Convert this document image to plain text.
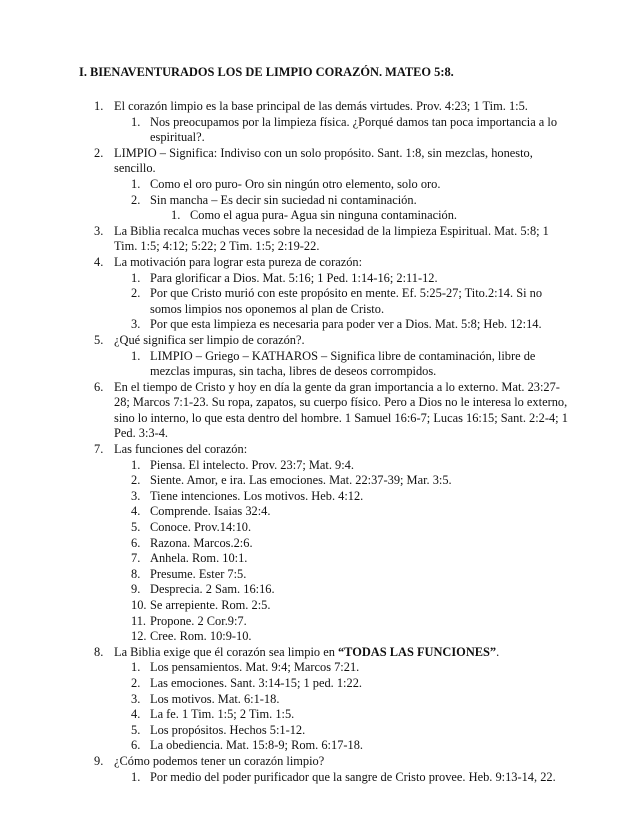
I. BIENAVENTURADOS LOS DE LIMPIO CORAZÓN. MATEO 5:8.
1. El corazón limpio es la base principal de las demás virtudes. Prov. 4:23; 1 Tim. 1:5.
1. Nos preocupamos por la limpieza física. ¿Porqué damos tan poca importancia a lo espiritual?.
2. LIMPIO – Significa: Indiviso con un solo propósito. Sant. 1:8, sin mezclas, honesto, sencillo.
1. Como el oro puro- Oro sin ningún otro elemento, solo oro.
2. Sin mancha – Es decir sin suciedad ni contaminación.
1. Como el agua pura- Agua sin ninguna contaminación.
3. La Biblia recalca muchas veces sobre la necesidad de la limpieza Espiritual. Mat. 5:8; 1 Tim. 1:5; 4:12; 5:22; 2 Tim. 1:5; 2:19-22.
4. La motivación para lograr esta pureza de corazón:
1. Para glorificar a Dios. Mat. 5:16; 1 Ped. 1:14-16; 2:11-12.
2. Por que Cristo murió con este propósito en mente. Ef. 5:25-27; Tito.2:14. Si no somos limpios nos oponemos al plan de Cristo.
3. Por que esta limpieza es necesaria para poder ver a Dios. Mat. 5:8; Heb. 12:14.
5. ¿Qué significa ser limpio de corazón?.
1. LIMPIO – Griego – KATHAROS – Significa libre de contaminación, libre de mezclas impuras, sin tacha, libres de deseos corrompidos.
6. En el tiempo de Cristo y hoy en día la gente da gran importancia a lo externo. Mat. 23:27-28; Marcos 7:1-23. Su ropa, zapatos, su cuerpo físico. Pero a Dios no le interesa lo externo, sino lo interno, lo que esta dentro del hombre. 1 Samuel 16:6-7; Lucas 16:15; Sant. 2:2-4; 1 Ped. 3:3-4.
7. Las funciones del corazón:
1. Piensa. El intelecto. Prov. 23:7; Mat. 9:4.
2. Siente. Amor, e ira. Las emociones. Mat. 22:37-39; Mar. 3:5.
3. Tiene intenciones. Los motivos. Heb. 4:12.
4. Comprende. Isaias 32:4.
5. Conoce. Prov.14:10.
6. Razona. Marcos.2:6.
7. Anhela. Rom. 10:1.
8. Presume. Ester 7:5.
9. Desprecia. 2 Sam. 16:16.
10. Se arrepiente. Rom. 2:5.
11. Propone. 2 Cor.9:7.
12. Cree. Rom. 10:9-10.
8. La Biblia exige que él corazón sea limpio en “TODAS LAS FUNCIONES”.
1. Los pensamientos. Mat. 9:4; Marcos 7:21.
2. Las emociones. Sant. 3:14-15; 1 ped. 1:22.
3. Los motivos. Mat. 6:1-18.
4. La fe. 1 Tim. 1:5; 2 Tim. 1:5.
5. Los propósitos. Hechos 5:1-12.
6. La obediencia. Mat. 15:8-9; Rom. 6:17-18.
9. ¿Cómo podemos tener un corazón limpio?
1. Por medio del poder purificador que la sangre de Cristo provee. Heb. 9:13-14, 22.
